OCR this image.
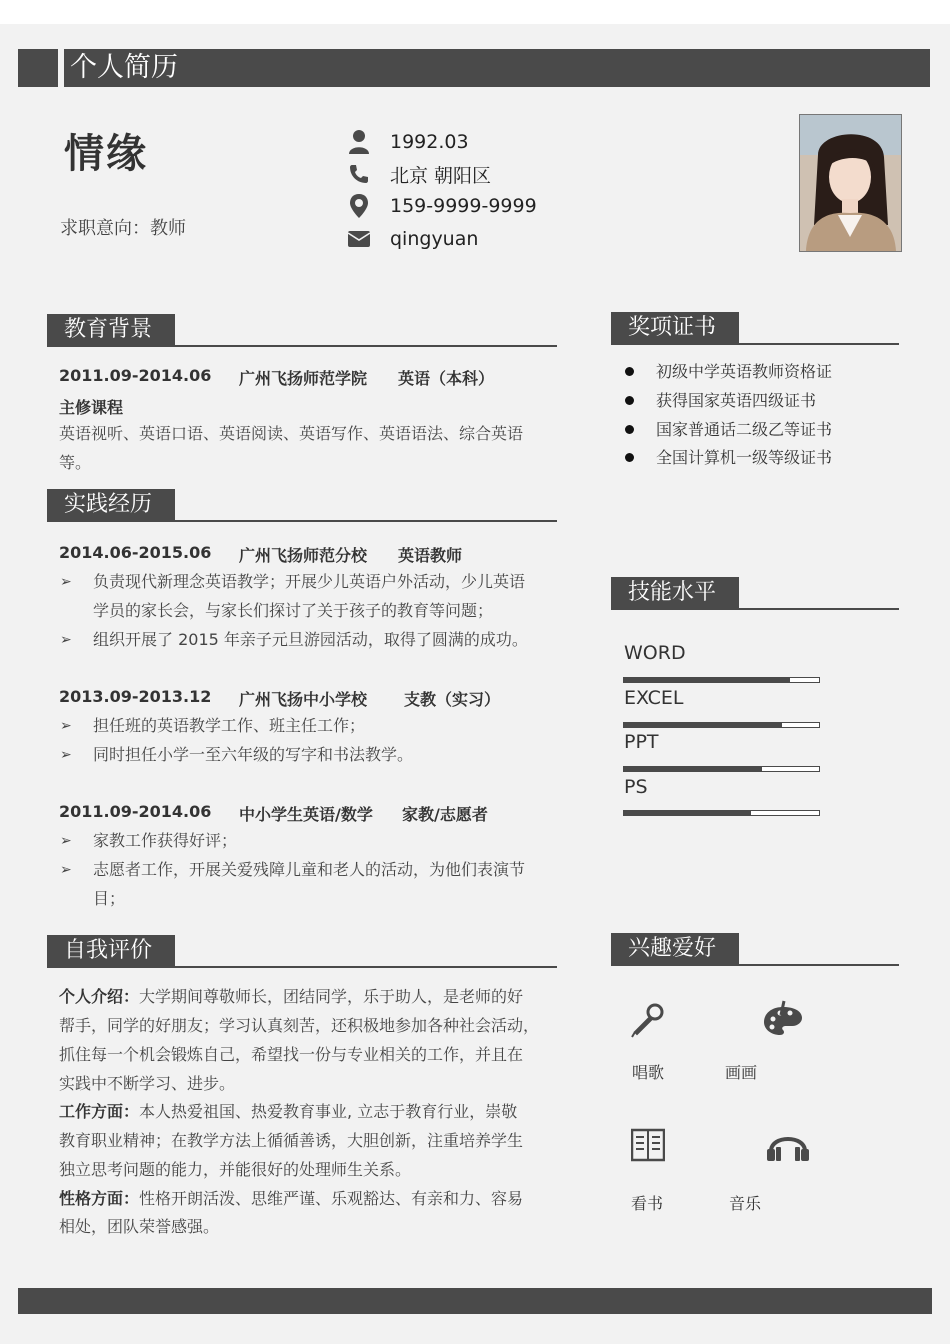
个人简历
情缘
求职意向：教师
1992.03
北京 朝阳区
159-9999-9999
qingyuan
教育背景
2011.09-2014.06 广州飞扬师范学院 英语（本科）
主修课程
英语视听、英语口语、英语阅读、英语写作、英语语法、综合英语
等。
实践经历
2014.06-2015.06 广州飞扬师范分校 英语教师
➢ 负责现代新理念英语教学；开展少儿英语户外活动，少儿英语
学员的家长会，与家长们探讨了关于孩子的教育等问题；
➢ 组织开展了 2015 年亲子元旦游园活动，取得了圆满的成功。
2013.09-2013.12 广州飞扬中小学校 支教（实习）
➢ 担任班的英语教学工作、班主任工作；
➢ 同时担任小学一至六年级的写字和书法教学。
2011.09-2014.06 中小学生英语/数学 家教/志愿者
➢ 家教工作获得好评；
➢ 志愿者工作，开展关爱残障儿童和老人的活动，为他们表演节
目；
自我评价
个人介绍：大学期间尊敬师长，团结同学，乐于助人，是老师的好
帮手，同学的好朋友；学习认真刻苦，还积极地参加各种社会活动，
抓住每一个机会锻炼自己，希望找一份与专业相关的工作，并且在
实践中不断学习、进步。
工作方面：本人热爱祖国、热爱教育事业, 立志于教育行业，崇敬
教育职业精神；在教学方法上循循善诱，大胆创新，注重培养学生
独立思考问题的能力，并能很好的处理师生关系。
性格方面：性格开朗活泼、思维严谨、乐观豁达、有亲和力、容易
相处，团队荣誉感强。
奖项证书
初级中学英语教师资格证
获得国家英语四级证书
国家普通话二级乙等证书
全国计算机一级等级证书
技能水平
WORD
EXCEL
PPT
PS
兴趣爱好
唱歌	画画
看书	音乐
